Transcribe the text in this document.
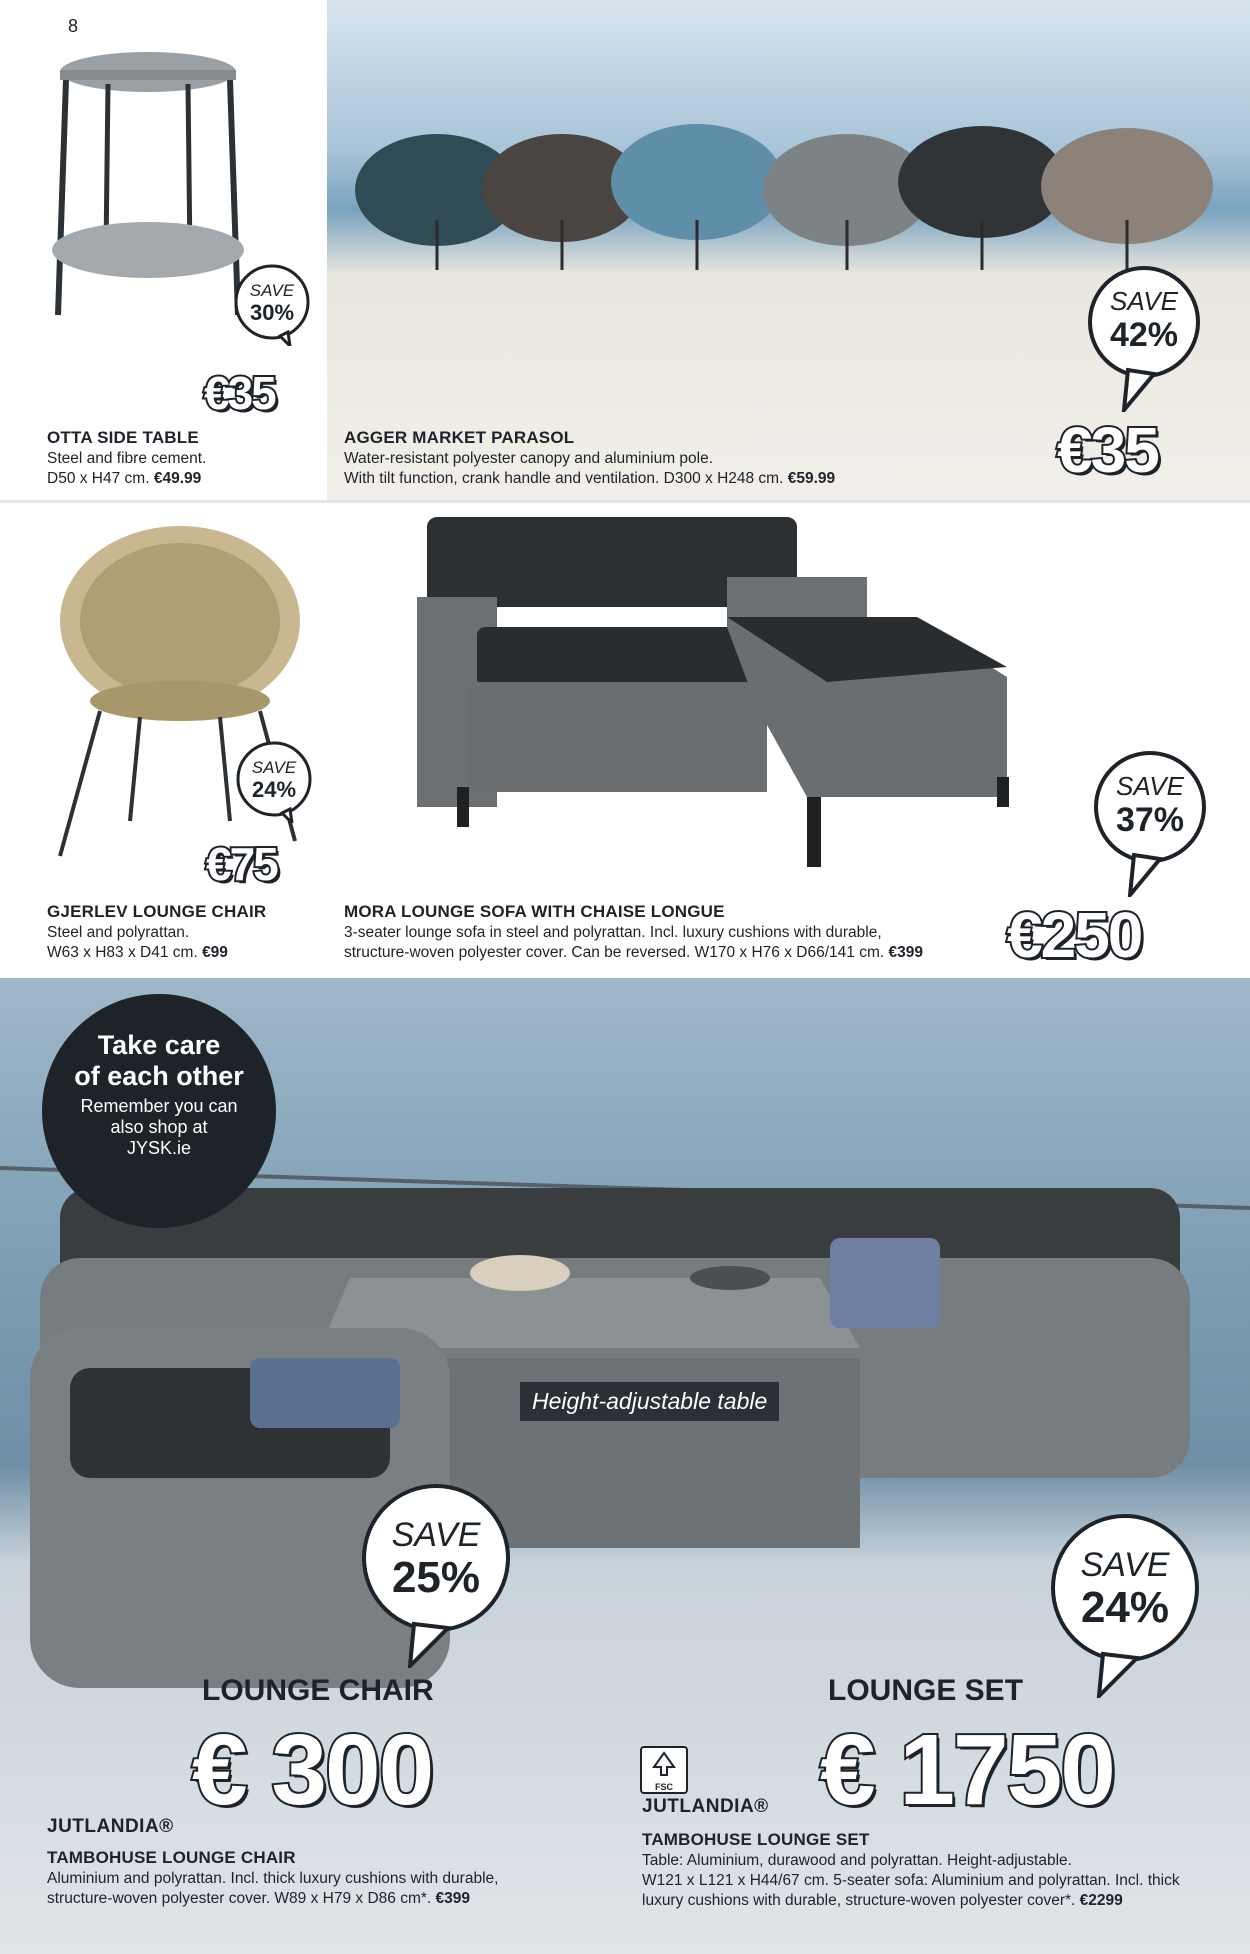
8
SAVE
30%
€35
OTTA SIDE TABLE
Steel and fibre cement.
D50 x H47 cm. €49.99
SAVE
42%
€35
AGGER MARKET PARASOL
Water-resistant polyester canopy and aluminium pole.
With tilt function, crank handle and ventilation. D300 x H248 cm. €59.99
SAVE
24%
€75
GJERLEV LOUNGE CHAIR
Steel and polyrattan.
W63 x H83 x D41 cm. €99
SAVE
37%
€250
MORA LOUNGE SOFA WITH CHAISE LONGUE
3-seater lounge sofa in steel and polyrattan. Incl. luxury cushions with durable,
structure-woven polyester cover. Can be reversed. W170 x H76 x D66/141 cm. €399
Take care
of each other
Remember you can
also shop at
JYSK.ie
Height-adjustable table
SAVE
25%	SAVE
24%
LOUNGE CHAIR	LOUNGE SET
€ 300	€ 1750
FSC
JUTLANDIA®
JUTLANDIA®
TAMBOHUSE LOUNGE CHAIR
Aluminium and polyrattan. Incl. thick luxury cushions with durable,
structure-woven polyester cover. W89 x H79 x D86 cm*. €399
TAMBOHUSE LOUNGE SET
Table: Aluminium, durawood and polyrattan. Height-adjustable.
W121 x L121 x H44/67 cm. 5-seater sofa: Aluminium and polyrattan. Incl. thick
luxury cushions with durable, structure-woven polyester cover*. €2299
